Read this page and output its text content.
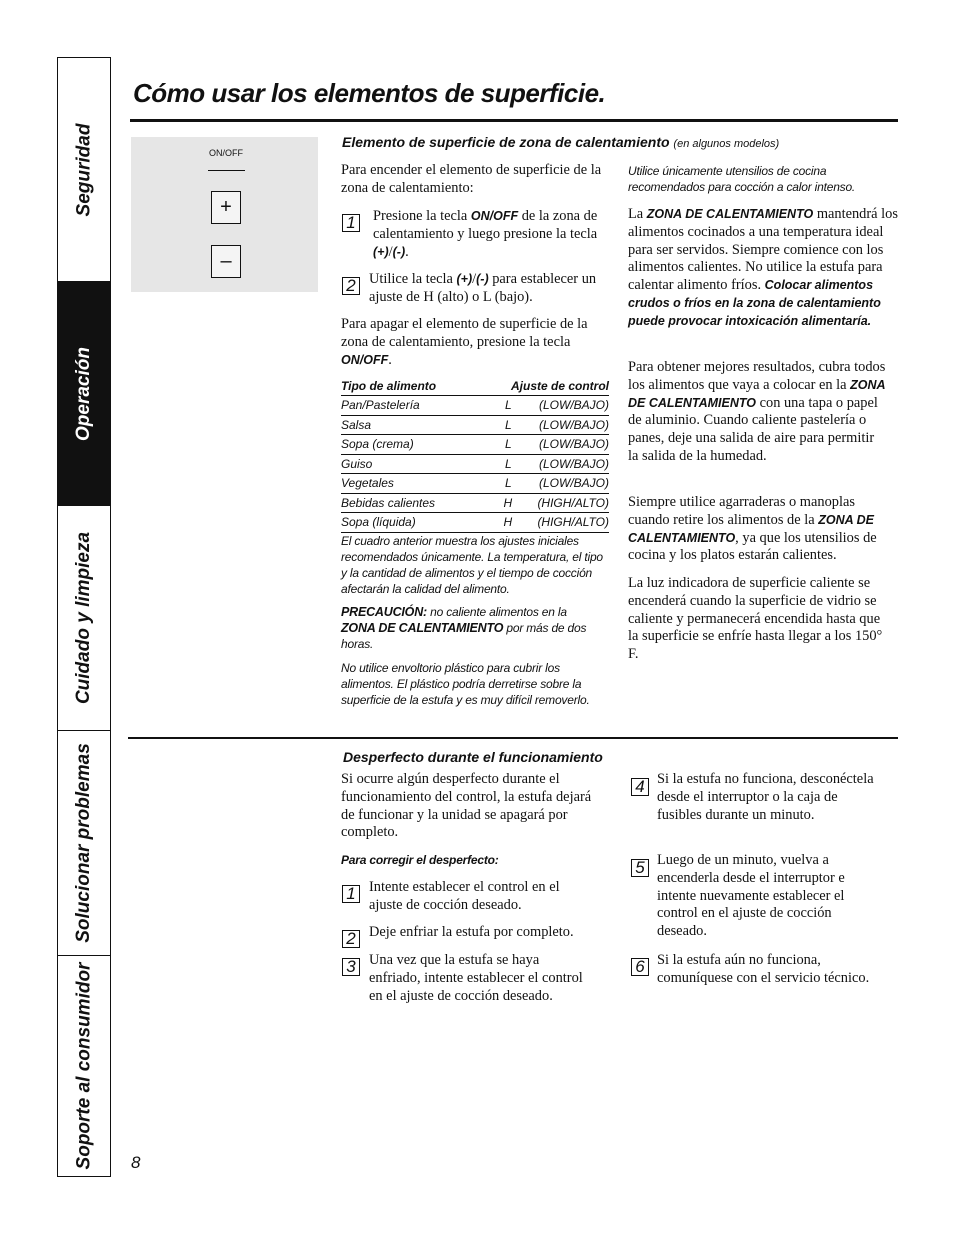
Seguridad
Operación
Cuidado y limpieza
Solucionar problemas
Soporte al consumidor
Cómo usar los elementos de superficie.
ON/OFF
+
–
Elemento de superficie de zona de calentamiento (en algunos modelos)

Para encender el elemento de superficie de la zona de calentamiento:

1 Presione la tecla ON/OFF de la zona de calentamiento y luego presione la tecla (+)/(-).

2 Utilice la tecla (+)/(-) para establecer un ajuste de H (alto) o L (bajo).

Para apagar el elemento de superficie de la zona de calentamiento, presione la tecla ON/OFF.

Tipo de alimento	Ajuste de control
Pan/Pastelería	L (LOW/BAJO)
Salsa	L (LOW/BAJO)
Sopa (crema)	L (LOW/BAJO)
Guiso	L (LOW/BAJO)
Vegetales	L (LOW/BAJO)
Bebidas calientes	H (HIGH/ALTO)
Sopa (líquida)	H (HIGH/ALTO)

El cuadro anterior muestra los ajustes iniciales recomendados únicamente. La temperatura, el tipo y la cantidad de alimentos y el tiempo de cocción afectarán la calidad del alimento.

PRECAUCIÓN: no caliente alimentos en la ZONA DE CALENTAMIENTO por más de dos horas.

No utilice envoltorio plástico para cubrir los alimentos. El plástico podría derretirse sobre la superficie de la estufa y es muy difícil removerlo.

Utilice únicamente utensilios de cocina recomendados para cocción a calor intenso.

La ZONA DE CALENTAMIENTO mantendrá los alimentos cocinados a una temperatura ideal para ser servidos. Siempre comience con los alimentos calientes. No utilice la estufa para calentar alimento fríos. Colocar alimentos crudos o fríos en la zona de calentamiento puede provocar intoxicación alimentaría.

Para obtener mejores resultados, cubra todos los alimentos que vaya a colocar en la ZONA DE CALENTAMIENTO con una tapa o papel de aluminio. Cuando caliente pastelería o panes, deje una salida de aire para permitir la salida de la humedad.

Siempre utilice agarraderas o manoplas cuando retire los alimentos de la ZONA DE CALENTAMIENTO, ya que los utensilios de cocina y los platos estarán calientes.

La luz indicadora de superficie caliente se encenderá cuando la superficie de vidrio se caliente y permanecerá encendida hasta que la superficie se enfríe hasta llegar a los 150° F.

Desperfecto durante el funcionamiento

Si ocurre algún desperfecto durante el funcionamiento del control, la estufa dejará de funcionar y la unidad se apagará por completo.

Para corregir el desperfecto:
1 Intente establecer el control en el ajuste de cocción deseado.

2 Deje enfriar la estufa por completo.

3 Una vez que la estufa se haya enfriado, intente establecer el control en el ajuste de cocción deseado.

4 Si la estufa no funciona, desconéctela desde el interruptor o la caja de fusibles durante un minuto.

5 Luego de un minuto, vuelva a encenderla desde el interruptor e intente nuevamente establecer el control en el ajuste de cocción deseado.

6 Si la estufa aún no funciona, comuníquese con el servicio técnico.

8
